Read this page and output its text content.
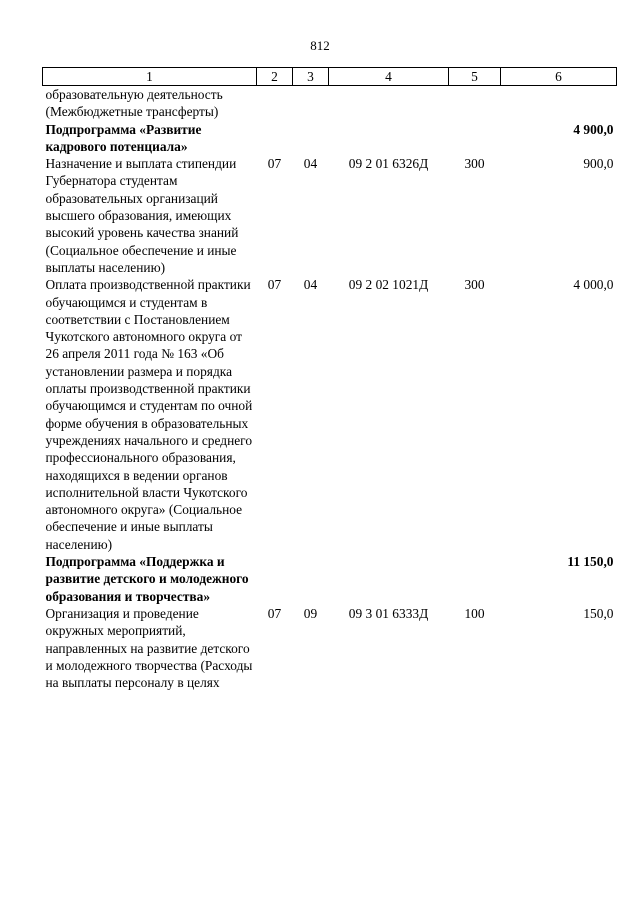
812
1	2	3	4	5	6
образовательную деятельность (Межбюджетные трансферты)					
Подпрограмма «Развитие кадрового потенциала»					4 900,0
Назначение и выплата стипендии Губернатора студентам образовательных организаций высшего образования, имеющих высокий уровень качества знаний (Социальное обеспечение и иные выплаты населению)	07	04	09 2 01 6326Д	300	900,0
Оплата производственной практики обучающимся и студентам в соответствии с Постановлением Чукотского автономного округа от 26 апреля 2011 года № 163 «Об установлении размера и порядка оплаты производственной практики обучающимся и студентам по очной форме обучения в образовательных учреждениях начального и среднего профессионального образования, находящихся в ведении органов исполнительной власти Чукотского автономного округа» (Социальное обеспечение и иные выплаты населению)	07	04	09 2 02 1021Д	300	4 000,0
Подпрограмма «Поддержка и развитие детского и молодежного образования и творчества»					11 150,0
Организация и проведение окружных мероприятий, направленных на развитие детского и молодежного творчества (Расходы на выплаты персоналу в целях	07	09	09 3 01 6333Д	100	150,0
